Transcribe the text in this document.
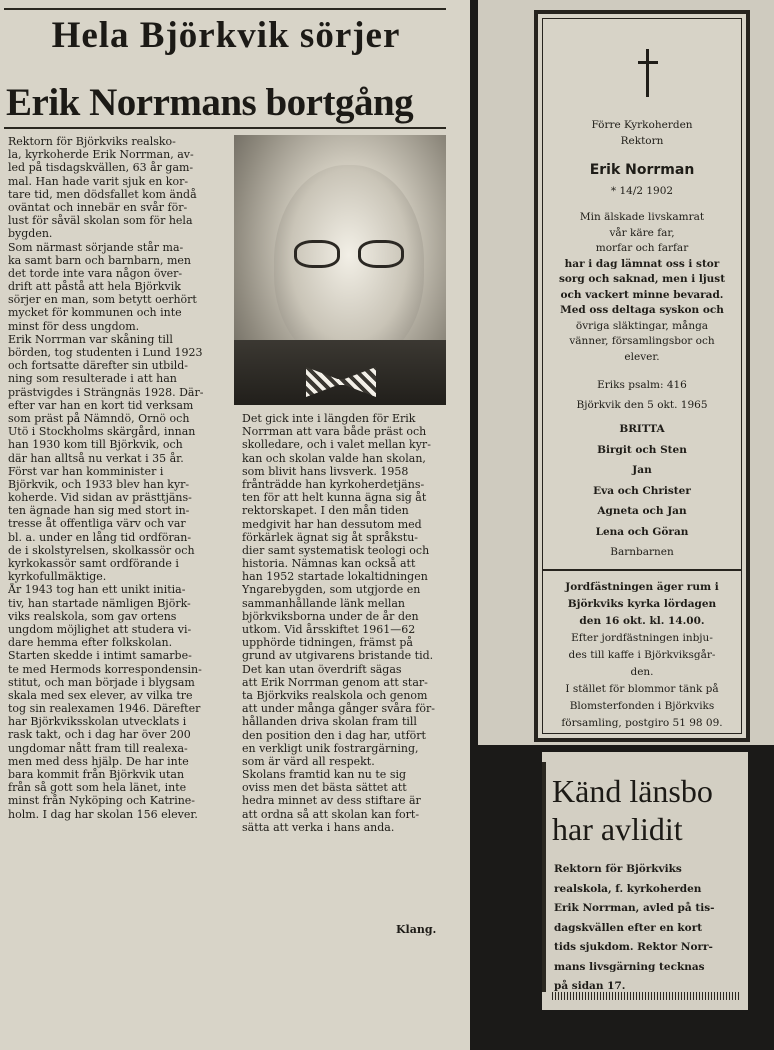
Hela Björkvik sörjer
Erik Norrmans bortgång
Rektorn för Björkviks realsko-
la, kyrkoherde Erik Norrman, av-
led på tisdagskvällen, 63 år gam-
mal. Han hade varit sjuk en kor-
tare tid, men dödsfallet kom ändå
oväntat och innebär en svår för-
lust för såväl skolan som för hela
bygden.
Som närmast sörjande står ma-
ka samt barn och barnbarn, men
det torde inte vara någon över-
drift att påstå att hela Björkvik
sörjer en man, som betytt oerhört
mycket för kommunen och inte
minst för dess ungdom.
Erik Norrman var skåning till
börden, tog studenten i Lund 1923
och fortsatte därefter sin utbild-
ning som resulterade i att han
prästvigdes i Strängnäs 1928. Där-
efter var han en kort tid verksam
som präst på Nämndö, Ornö och
Utö i Stockholms skärgård, innan
han 1930 kom till Björkvik, och
där han alltså nu verkat i 35 år.
Först var han komminister i
Björkvik, och 1933 blev han kyr-
koherde. Vid sidan av prästtjäns-
ten ägnade han sig med stort in-
tresse åt offentliga värv och var
bl. a. under en lång tid ordföran-
de i skolstyrelsen, skolkassör och
kyrkokassör samt ordförande i
kyrkofullmäktige.
År 1943 tog han ett unikt initia-
tiv, han startade nämligen Björk-
viks realskola, som gav ortens
ungdom möjlighet att studera vi-
dare hemma efter folkskolan.
Starten skedde i intimt samarbe-
te med Hermods korrespondensin-
stitut, och man började i blygsam
skala med sex elever, av vilka tre
tog sin realexamen 1946. Därefter
har Björkviksskolan utvecklats i
rask takt, och i dag har över 200
ungdomar nått fram till realexa-
men med dess hjälp. De har inte
bara kommit från Björkvik utan
från så gott som hela länet, inte
minst från Nyköping och Katrine-
holm. I dag har skolan 156 elever.
Det gick inte i längden för Erik
Norrman att vara både präst och
skolledare, och i valet mellan kyr-
kan och skolan valde han skolan,
som blivit hans livsverk. 1958
frånträdde han kyrkoherdetjäns-
ten för att helt kunna ägna sig åt
rektorskapet. I den mån tiden
medgivit har han dessutom med
förkärlek ägnat sig åt språkstu-
dier samt systematisk teologi och
historia. Nämnas kan också att
han 1952 startade lokaltidningen
Yngarebygden, som utgjorde en
sammanhållande länk mellan
björkviksborna under de år den
utkom. Vid årsskiftet 1961—62
upphörde tidningen, främst på
grund av utgivarens bristande tid.
Det kan utan överdrift sägas
att Erik Norrman genom att star-
ta Björkviks realskola och genom
att under många gånger svåra för-
hållanden driva skolan fram till
den position den i dag har, utfört
en verkligt unik fostrargärning,
som är värd all respekt.
Skolans framtid kan nu te sig
oviss men det bästa sättet att
hedra minnet av dess stiftare är
att ordna så att skolan kan fort-
sätta att verka i hans anda.
Klang.
Förre Kyrkoherden
Rektorn
Erik Norrman
* 14/2 1902
Min älskade livskamrat
vår käre far,
morfar och farfar
har i dag lämnat oss i stor
sorg och saknad, men i ljust
och vackert minne bevarad.
Med oss deltaga syskon och
övriga släktingar, många
vänner, församlingsbor och
elever.
Eriks psalm: 416
Björkvik den 5 okt. 1965
BRITTA
Birgit och Sten
Jan
Eva och Christer
Agneta och Jan
Lena och Göran
Barnbarnen
Jordfästningen äger rum i
Björkviks kyrka lördagen
den 16 okt. kl. 14.00.
Efter jordfästningen inbju-
des till kaffe i Björkviksgår-
den.
I stället för blommor tänk på
Blomsterfonden i Björkviks
församling, postgiro 51 98 09.
Känd länsbo
har avlidit
Rektorn för Björkviks
realskola, f. kyrkoherden
Erik Norrman, avled på tis-
dagskvällen efter en kort
tids sjukdom. Rektor Norr-
mans livsgärning tecknas
på sidan 17.
